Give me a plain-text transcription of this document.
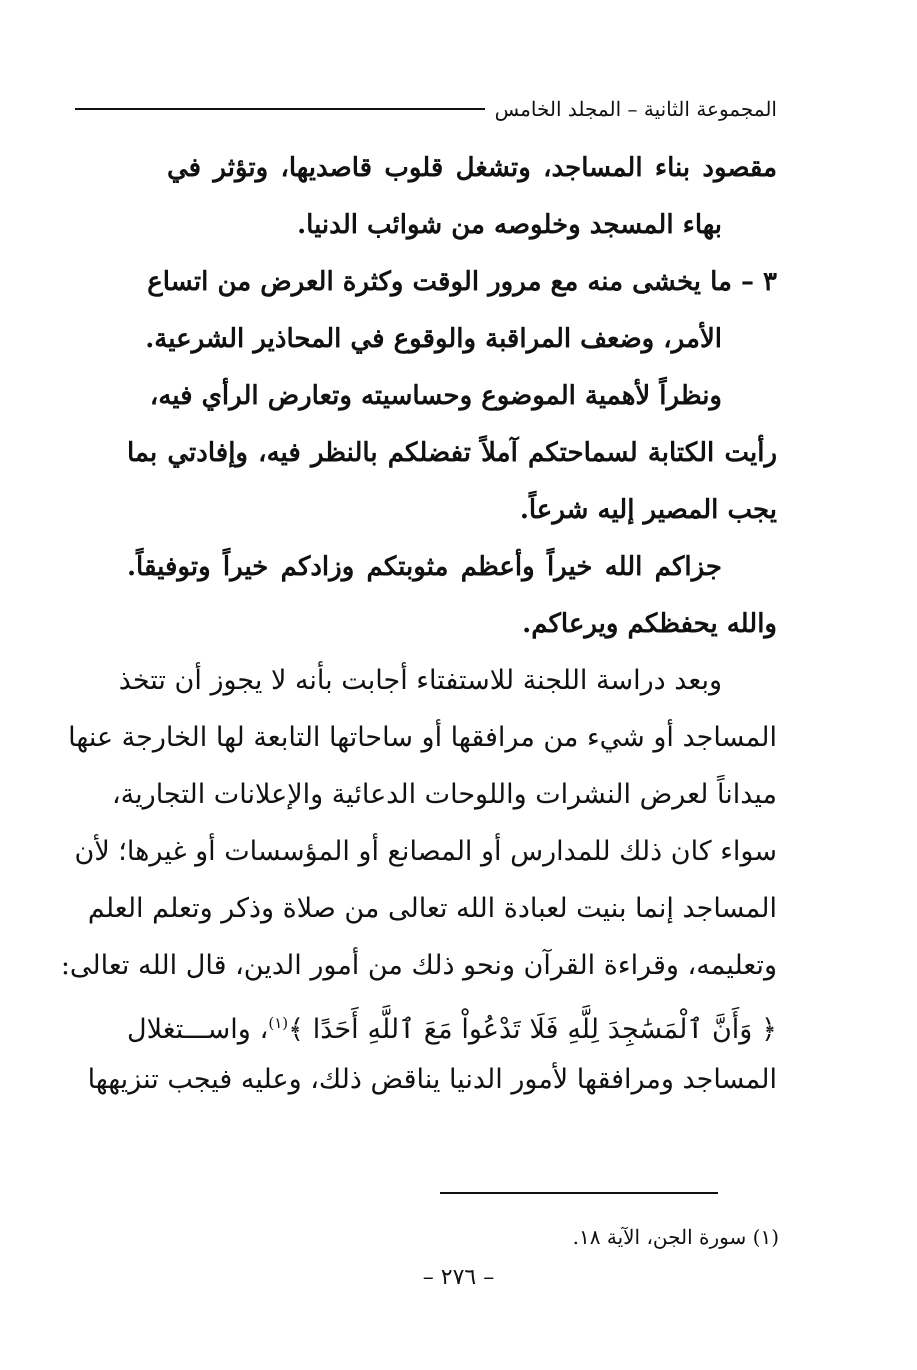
المجموعة الثانية – المجلد الخامس
مقصود بناء المساجد، وتشغل قلوب قاصديها، وتؤثر في
بهاء المسجد وخلوصه من شوائب الدنيا.
٣ – ما يخشى منه مع مرور الوقت وكثرة العرض من اتساع
الأمر، وضعف المراقبة والوقوع في المحاذير الشرعية.
ونظراً لأهمية الموضوع وحساسيته وتعارض الرأي فيه،
رأيت الكتابة لسماحتكم آملاً تفضلكم بالنظر فيه، وإفادتي بما
يجب المصير إليه شرعاً.
جزاكم الله خيراً وأعظم مثوبتكم وزادكم خيراً وتوفيقاً.
والله يحفظكم ويرعاكم.
وبعد دراسة اللجنة للاستفتاء أجابت بأنه لا يجوز أن تتخذ
المساجد أو شيء من مرافقها أو ساحاتها التابعة لها الخارجة عنها
ميداناً لعرض النشرات واللوحات الدعائية والإعلانات التجارية،
سواء كان ذلك للمدارس أو المصانع أو المؤسسات أو غيرها؛ لأن
المساجد إنما بنيت لعبادة الله تعالى من صلاة وذكر وتعلم العلم
وتعليمه، وقراءة القرآن ونحو ذلك من أمور الدين، قال الله تعالى:
﴿ وَأَنَّ ٱلْمَسَٰجِدَ لِلَّهِ فَلَا تَدْعُواْ مَعَ ٱللَّهِ أَحَدًا ﴾$^{(١)}$، واســـتغلال
المساجد ومرافقها لأمور الدنيا يناقض ذلك، وعليه فيجب تنزيهها
(١) سورة الجن، الآية ١٨.
– ٢٧٦ –
